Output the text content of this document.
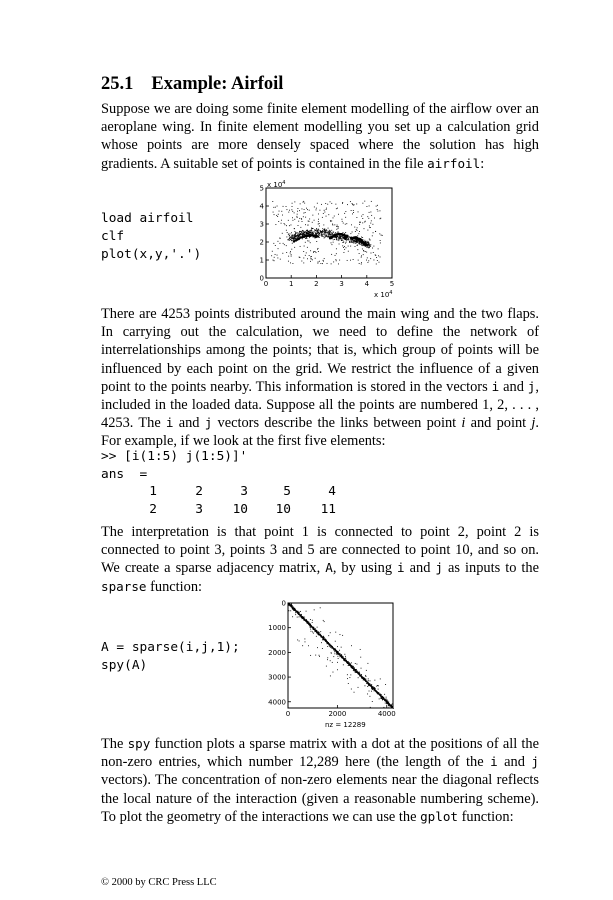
25.1 Example: Airfoil

Suppose we are doing some finite element modelling of the airflow over an aeroplane wing. In finite element modelling you set up a calculation grid whose points are more densely spaced where the solution has high gradients. A suitable set of points is contained in the file airfoil:

load airfoil
clf
plot(x,y,'.')
0
1
2
3
4
5
0	1	2	3	4	5
x $10^4$
x $10^4$

There are 4253 points distributed around the main wing and the two flaps. In carrying out the calculation, we need to define the network of interrelationships among the points; that is, which group of points will be influenced by each point on the grid. We restrict the influence of a given point to the points nearby. This information is stored in the vectors i and j, included in the loaded data. Suppose all the points are numbered 1, 2, . . . , 4253. The i and j vectors describe the links between point i and point j. For example, if we look at the first five elements:

>> [i(1:5) j(1:5)]'
ans =
1	2	3	5	4
2	3	10	10	11

The interpretation is that point 1 is connected to point 2, point 2 is connected to point 3, points 3 and 5 are connected to point 10, and so on. We create a sparse adjacency matrix, A, by using i and j as inputs to the sparse function:

A = sparse(i,j,1);
spy(A)
0
1000
2000
3000
4000
0	2000	4000
nz = 12289

The spy function plots a sparse matrix with a dot at the positions of all the non-zero entries, which number 12,289 here (the length of the i and j vectors). The concentration of non-zero elements near the diagonal reflects the local nature of the interaction (given a reasonable numbering scheme). To plot the geometry of the interactions we can use the gplot function:

© 2000 by CRC Press LLC
